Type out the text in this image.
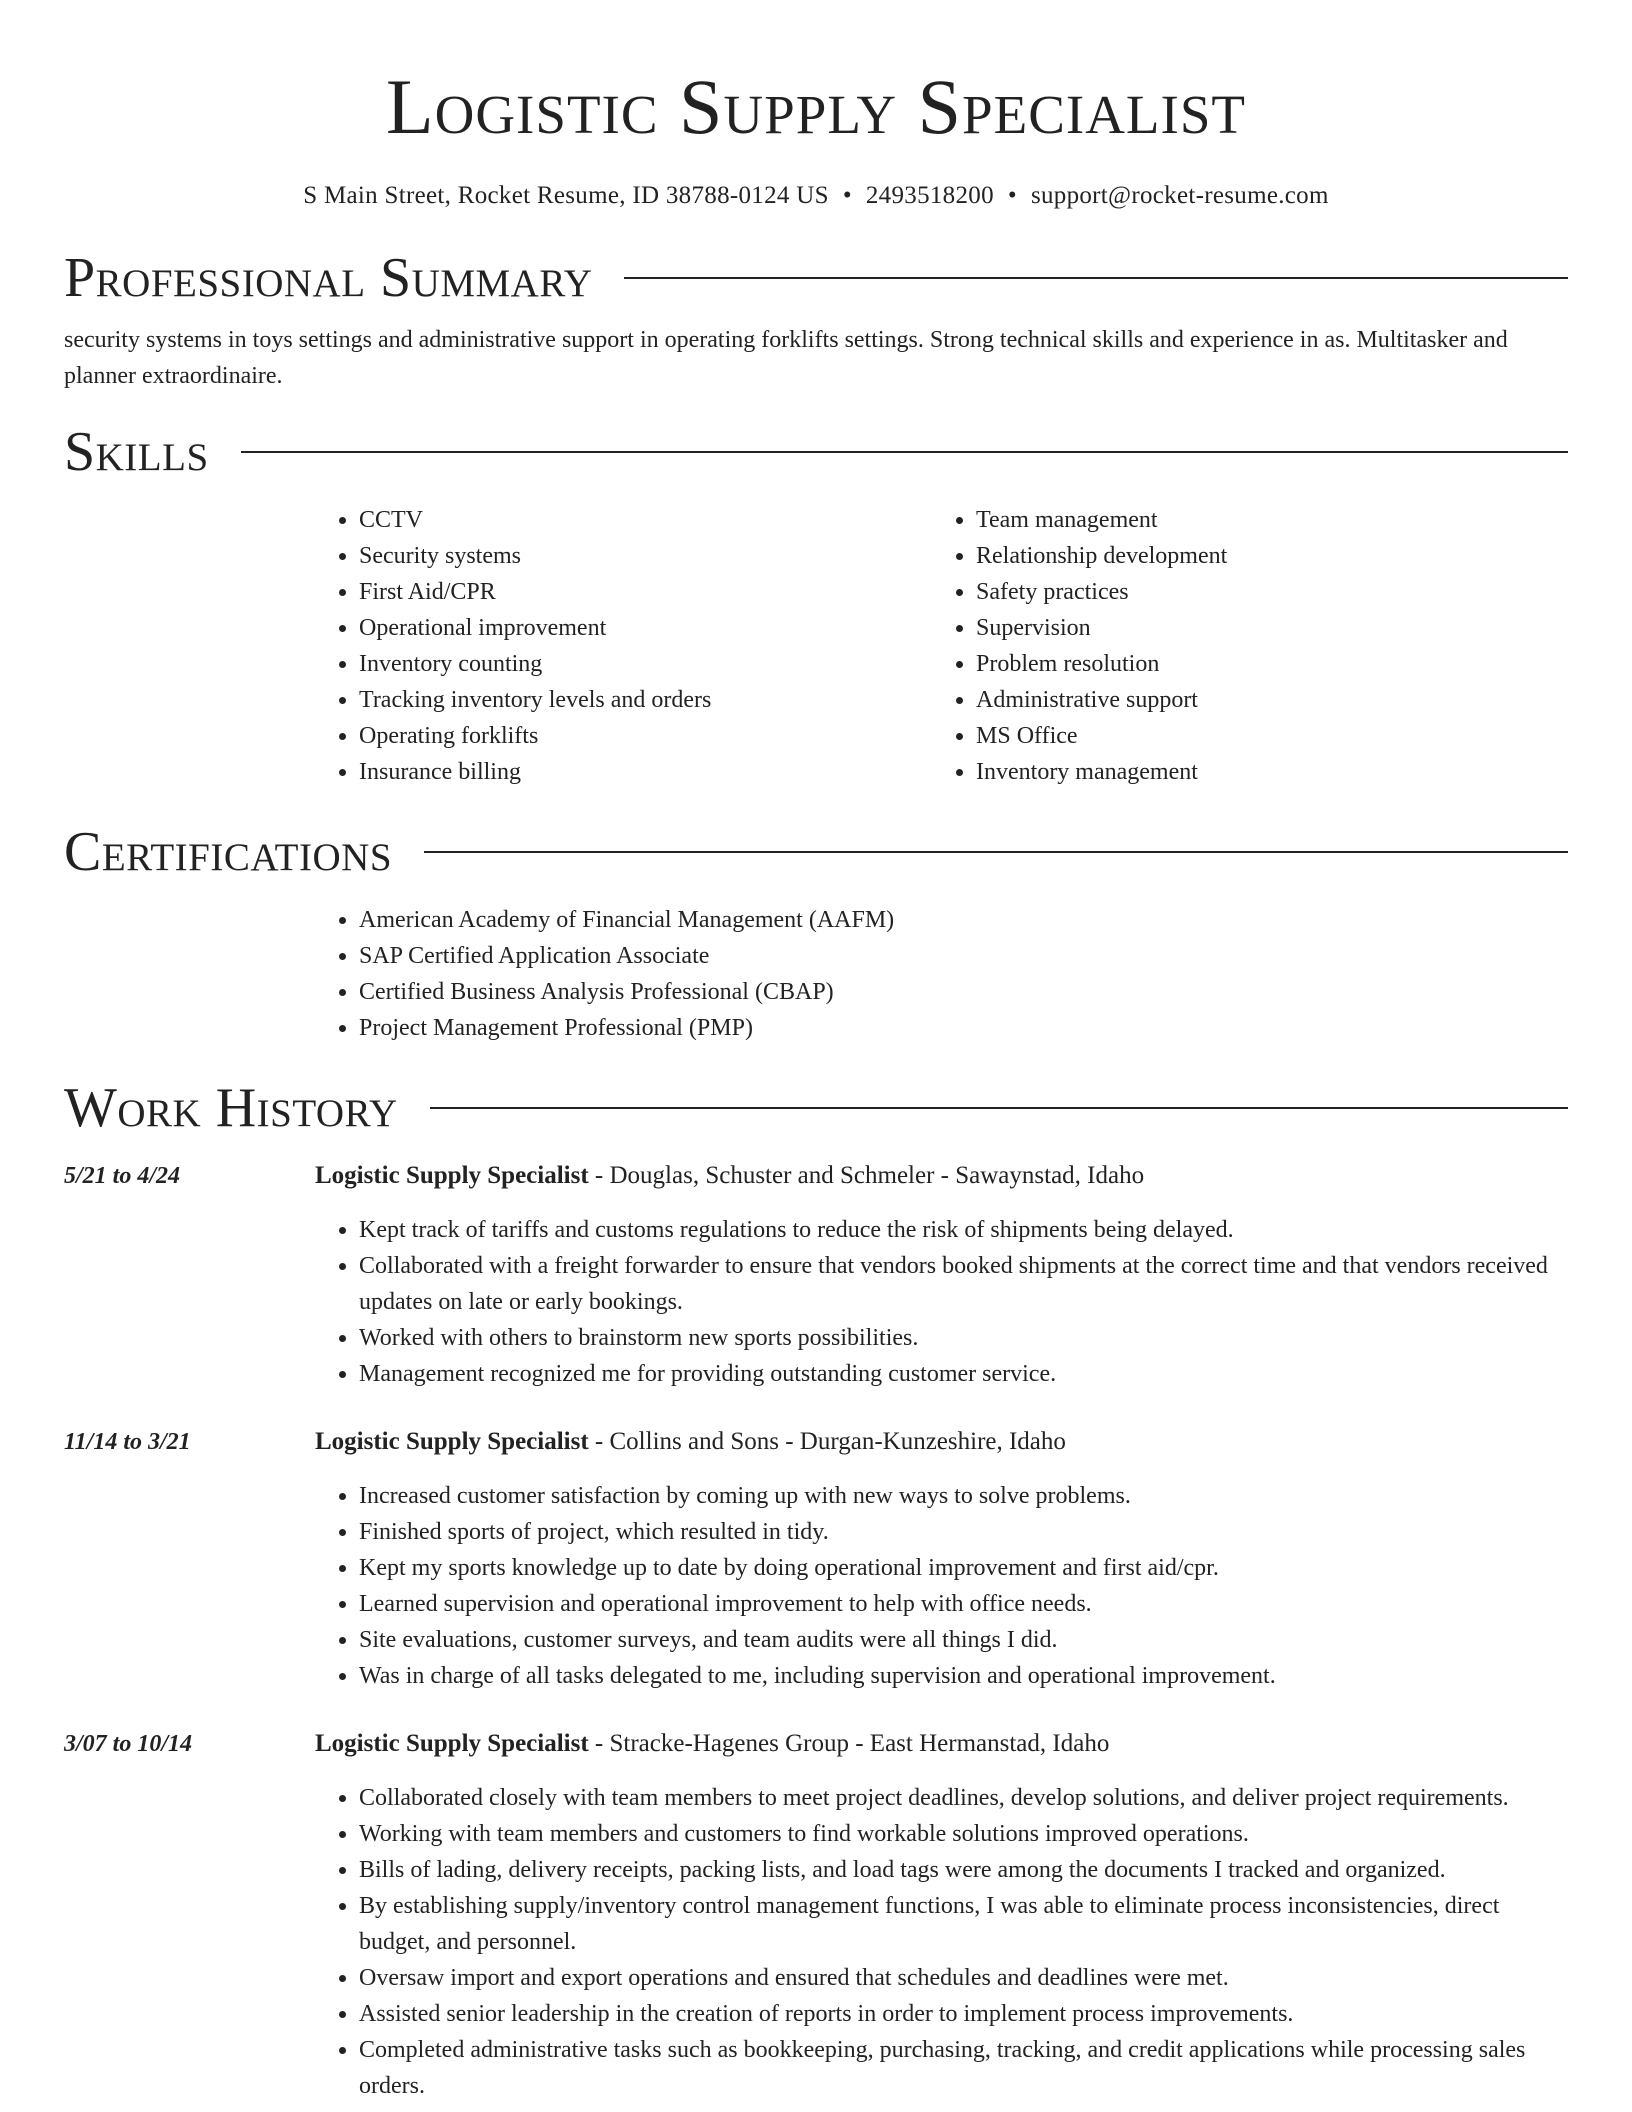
Logistic Supply Specialist
S Main Street, Rocket Resume, ID 38788-0124 US • 2493518200 • support@rocket-resume.com
Professional Summary

security systems in toys settings and administrative support in operating forklifts settings. Strong technical skills and experience in as. Multitasker and planner extraordinaire.

Skills
• CCTV
• Security systems
• First Aid/CPR
• Operational improvement
• Inventory counting
• Tracking inventory levels and orders
• Operating forklifts
• Insurance billing
• Team management
• Relationship development
• Safety practices
• Supervision
• Problem resolution
• Administrative support
• MS Office
• Inventory management
Certifications
• American Academy of Financial Management (AAFM)
• SAP Certified Application Associate
• Certified Business Analysis Professional (CBAP)
• Project Management Professional (PMP)
Work History
5/21 to 4/24	Logistic Supply Specialist - Douglas, Schuster and Schmeler - Sawaynstad, Idaho
• Kept track of tariffs and customs regulations to reduce the risk of shipments being delayed.
• Collaborated with a freight forwarder to ensure that vendors booked shipments at the correct time and that vendors received updates on late or early bookings.
• Worked with others to brainstorm new sports possibilities.
• Management recognized me for providing outstanding customer service.
11/14 to 3/21	Logistic Supply Specialist - Collins and Sons - Durgan-Kunzeshire, Idaho
• Increased customer satisfaction by coming up with new ways to solve problems.
• Finished sports of project, which resulted in tidy.
• Kept my sports knowledge up to date by doing operational improvement and first aid/cpr.
• Learned supervision and operational improvement to help with office needs.
• Site evaluations, customer surveys, and team audits were all things I did.
• Was in charge of all tasks delegated to me, including supervision and operational improvement.
3/07 to 10/14	Logistic Supply Specialist - Stracke-Hagenes Group - East Hermanstad, Idaho
• Collaborated closely with team members to meet project deadlines, develop solutions, and deliver project requirements.
• Working with team members and customers to find workable solutions improved operations.
• Bills of lading, delivery receipts, packing lists, and load tags were among the documents I tracked and organized.
• By establishing supply/inventory control management functions, I was able to eliminate process inconsistencies, direct budget, and personnel.
• Oversaw import and export operations and ensured that schedules and deadlines were met.
• Assisted senior leadership in the creation of reports in order to implement process improvements.
• Completed administrative tasks such as bookkeeping, purchasing, tracking, and credit applications while processing sales orders.
